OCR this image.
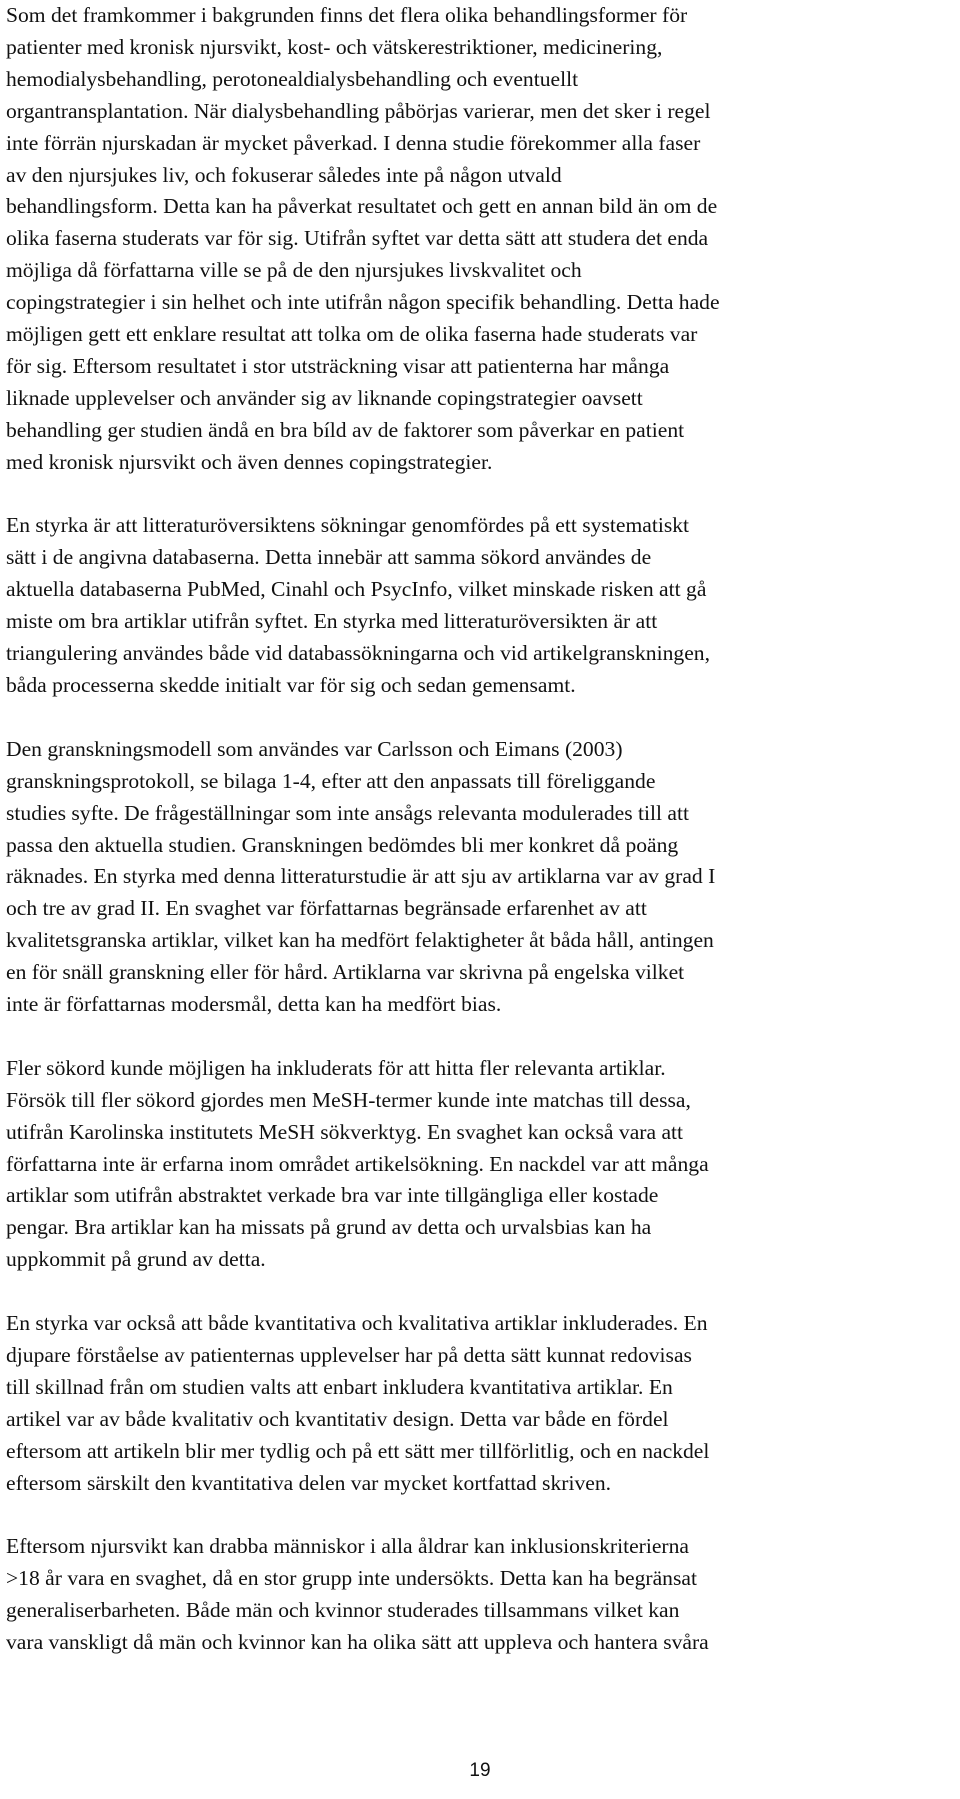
Som det framkommer i bakgrunden finns det flera olika behandlingsformer för
patienter med kronisk njursvikt, kost- och vätskerestriktioner, medicinering,
hemodialysbehandling, perotonealdialysbehandling och eventuellt
organtransplantation. När dialysbehandling påbörjas varierar, men det sker i regel
inte förrän njurskadan är mycket påverkad. I denna studie förekommer alla faser
av den njursjukes liv, och fokuserar således inte på någon utvald
behandlingsform. Detta kan ha påverkat resultatet och gett en annan bild än om de
olika faserna studerats var för sig. Utifrån syftet var detta sätt att studera det enda
möjliga då författarna ville se på de den njursjukes livskvalitet och
copingstrategier i sin helhet och inte utifrån någon specifik behandling. Detta hade
möjligen gett ett enklare resultat att tolka om de olika faserna hade studerats var
för sig. Eftersom resultatet i stor utsträckning visar att patienterna har många
liknade upplevelser och använder sig av liknande copingstrategier oavsett
behandling ger studien ändå en bra bíld av de faktorer som påverkar en patient
med kronisk njursvikt och även dennes copingstrategier.
En styrka är att litteraturöversiktens sökningar genomfördes på ett systematiskt
sätt i de angivna databaserna. Detta innebär att samma sökord användes de
aktuella databaserna PubMed, Cinahl och PsycInfo, vilket minskade risken att gå
miste om bra artiklar utifrån syftet. En styrka med litteraturöversikten är att
triangulering användes både vid databassökningarna och vid artikelgranskningen,
båda processerna skedde initialt var för sig och sedan gemensamt.
Den granskningsmodell som användes var Carlsson och Eimans (2003)
granskningsprotokoll, se bilaga 1-4, efter att den anpassats till föreliggande
studies syfte. De frågeställningar som inte ansågs relevanta modulerades till att
passa den aktuella studien. Granskningen bedömdes bli mer konkret då poäng
räknades. En styrka med denna litteraturstudie är att sju av artiklarna var av grad I
och tre av grad II. En svaghet var författarnas begränsade erfarenhet av att
kvalitetsgranska artiklar, vilket kan ha medfört felaktigheter åt båda håll, antingen
en för snäll granskning eller för hård. Artiklarna var skrivna på engelska vilket
inte är författarnas modersmål, detta kan ha medfört bias.
Fler sökord kunde möjligen ha inkluderats för att hitta fler relevanta artiklar.
Försök till fler sökord gjordes men MeSH-termer kunde inte matchas till dessa,
utifrån Karolinska institutets MeSH sökverktyg. En svaghet kan också vara att
författarna inte är erfarna inom området artikelsökning. En nackdel var att många
artiklar som utifrån abstraktet verkade bra var inte tillgängliga eller kostade
pengar. Bra artiklar kan ha missats på grund av detta och urvalsbias kan ha
uppkommit på grund av detta.
En styrka var också att både kvantitativa och kvalitativa artiklar inkluderades. En
djupare förståelse av patienternas upplevelser har på detta sätt kunnat redovisas
till skillnad från om studien valts att enbart inkludera kvantitativa artiklar. En
artikel var av både kvalitativ och kvantitativ design. Detta var både en fördel
eftersom att artikeln blir mer tydlig och på ett sätt mer tillförlitlig, och en nackdel
eftersom särskilt den kvantitativa delen var mycket kortfattad skriven.
Eftersom njursvikt kan drabba människor i alla åldrar kan inklusionskriterierna
>18 år vara en svaghet, då en stor grupp inte undersökts. Detta kan ha begränsat
generaliserbarheten. Både män och kvinnor studerades tillsammans vilket kan
vara vanskligt då män och kvinnor kan ha olika sätt att uppleva och hantera svåra
19
